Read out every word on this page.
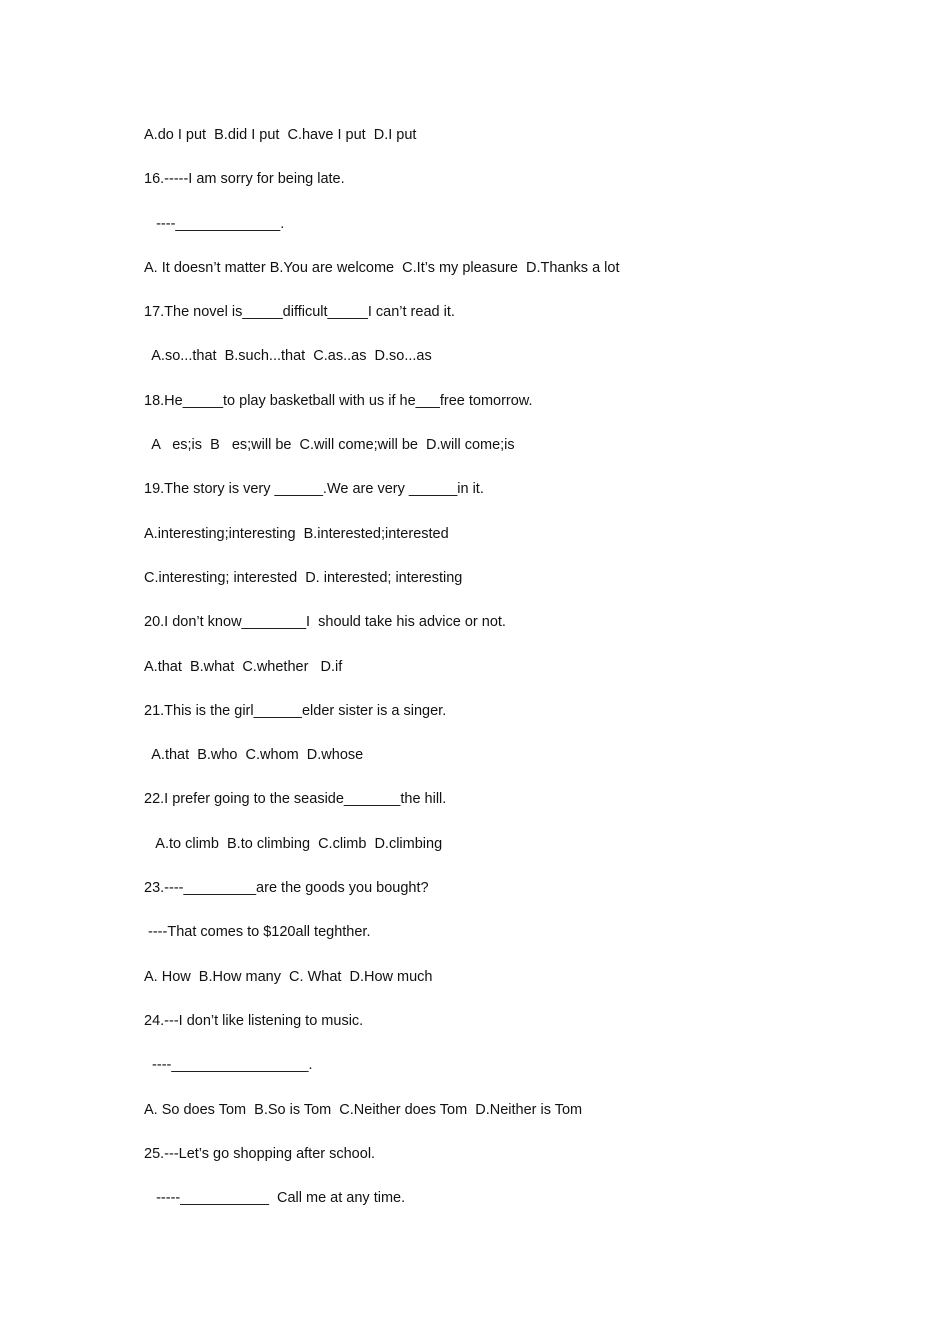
A.do I put  B.did I put  C.have I put  D.I put
16.-----I am sorry for being late.
----_____________.
A. It doesn’t matter B.You are welcome  C.It’s my pleasure  D.Thanks a lot
17.The novel is_____difficult_____I can’t read it.
A.so...that  B.such...that  C.as..as  D.so...as
18.He_____to play basketball with us if he___free tomorrow.
A   es;is  B   es;will be  C.will come;will be  D.will come;is
19.The story is very ______.We are very ______in it.
A.interesting;interesting  B.interested;interested
C.interesting; interested  D. interested; interesting
20.I don’t know________I  should take his advice or not.
A.that  B.what  C.whether   D.if
21.This is the girl______elder sister is a singer.
A.that  B.who  C.whom  D.whose
22.I prefer going to the seaside_______the hill.
A.to climb  B.to climbing  C.climb  D.climbing
23.----_________are the goods you bought?
----That comes to $120all teghther.
A. How  B.How many  C. What  D.How much
24.---I don’t like listening to music.
----_________________.
A. So does Tom  B.So is Tom  C.Neither does Tom  D.Neither is Tom
25.---Let’s go shopping after school.
-----___________  Call me at any time.
